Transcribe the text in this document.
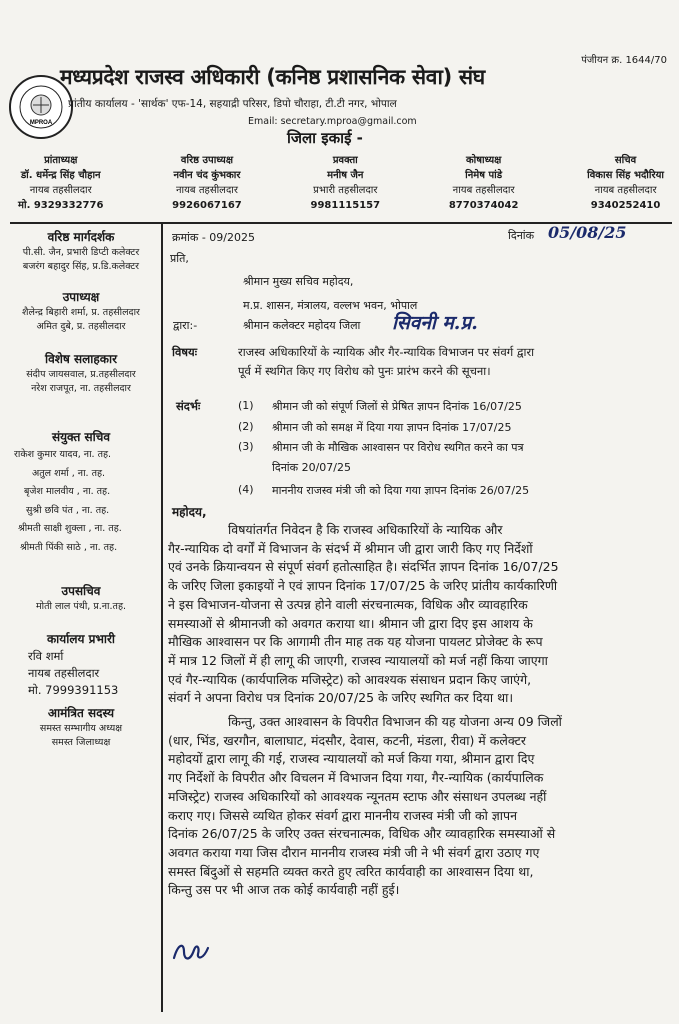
पंजीयन क्र. 1644/70
MPROA
मध्यप्रदेश राजस्व अधिकारी (कनिष्ठ प्रशासनिक सेवा) संघ
प्रांतीय कार्यालय - 'सार्थक' एफ-14, सहयाद्री परिसर, डिपो चौराहा, टी.टी नगर, भोपाल
Email: secretary.mproa@gmail.com
जिला इकाई -
प्रांताध्यक्ष
डॉ. धर्मेन्द्र सिंह चौहान
नायब तहसीलदार
मो. 9329332776
वरिष्ठ उपाध्यक्ष
नवीन चंद कुंभकार
नायब तहसीलदार
9926067167
प्रवक्ता
मनीष जैन
प्रभारी तहसीलदार
9981115157
कोषाध्यक्ष
निमेष पांडे
नायब तहसीलदार
8770374042
सचिव
विकास सिंह भदौरिया
नायब तहसीलदार
9340252410
वरिष्ठ मार्गदर्शक
पी.सी. जैन, प्रभारी डिप्टी कलेक्टर
बजरंग बहादुर सिंह, प्र.डि.कलेक्टर
उपाध्यक्ष
शैलेन्द्र बिहारी शर्मा, प्र. तहसीलदार
अमित दुबे, प्र. तहसीलदार
विशेष सलाहकार
संदीप जायसवाल, प्र.तहसीलदार
नरेश राजपूत, ना. तहसीलदार
संयुक्त सचिव
राकेश कुमार यादव, ना. तह.
अतुल शर्मा , ना. तह.
बृजेश मालवीय , ना. तह.
सुश्री छवि पंत , ना. तह.
श्रीमती साक्षी शुक्ला , ना. तह.
श्रीमती पिंकी साठे , ना. तह.
उपसचिव
मोती लाल पंथी, प्र.ना.तह.
कार्यालय प्रभारी
रवि शर्मा
नायब तहसीलदार
मो. 7999391153
आमंत्रित सदस्य
समस्त सम्भागीय अध्यक्ष
समस्त जिलाध्यक्ष
क्रमांक - 09/2025	दिनांक 05/08/25
प्रति,
श्रीमान मुख्य सचिव महोदय,
म.प्र. शासन, मंत्रालय, वल्लभ भवन, भोपाल
द्वारा:-	श्रीमान कलेक्टर महोदय जिला सिवनी म.प्र.
विषयः	राजस्व अधिकारियों के न्यायिक और गैर-न्यायिक विभाजन पर संवर्ग द्वारा
पूर्व में स्थगित किए गए विरोध को पुनः प्रारंभ करने की सूचना।
संदर्भः	(1) श्रीमान जी को संपूर्ण जिलों से प्रेषित ज्ञापन दिनांक 16/07/25
(2) श्रीमान जी को समक्ष में दिया गया ज्ञापन दिनांक 17/07/25
(3) श्रीमान जी के मौखिक आश्वासन पर विरोध स्थगित करने का पत्र
दिनांक 20/07/25
(4) माननीय राजस्व मंत्री जी को दिया गया ज्ञापन दिनांक 26/07/25
महोदय,
विषयांतर्गत निवेदन है कि राजस्व अधिकारियों के न्यायिक और
गैर-न्यायिक दो वर्गों में विभाजन के संदर्भ में श्रीमान जी द्वारा जारी किए गए निर्देशों
एवं उनके क्रियान्वयन से संपूर्ण संवर्ग हतोत्साहित है। संदर्भित ज्ञापन दिनांक 16/07/25
के जरिए जिला इकाइयों ने एवं ज्ञापन दिनांक 17/07/25 के जरिए प्रांतीय कार्यकारिणी
ने इस विभाजन-योजना से उत्पन्न होने वाली संरचनात्मक, विधिक और व्यावहारिक
समस्याओं से श्रीमानजी को अवगत कराया था। श्रीमान जी द्वारा दिए इस आशय के
मौखिक आश्वासन पर कि आगामी तीन माह तक यह योजना पायलट प्रोजेक्ट के रूप
में मात्र 12 जिलों में ही लागू की जाएगी, राजस्व न्यायालयों को मर्ज नहीं किया जाएगा
एवं गैर-न्यायिक (कार्यपालिक मजिस्ट्रेट) को आवश्यक संसाधन प्रदान किए जाएंगे,
संवर्ग ने अपना विरोध पत्र दिनांक 20/07/25 के जरिए स्थगित कर दिया था।
किन्तु, उक्त आश्वासन के विपरीत विभाजन की यह योजना अन्य 09 जिलों
(धार, भिंड, खरगौन, बालाघाट, मंदसौर, देवास, कटनी, मंडला, रीवा) में कलेक्टर
महोदयों द्वारा लागू की गई, राजस्व न्यायालयों को मर्ज किया गया, श्रीमान द्वारा दिए
गए निर्देशों के विपरीत और विचलन में विभाजन दिया गया, गैर-न्यायिक (कार्यपालिक
मजिस्ट्रेट) राजस्व अधिकारियों को आवश्यक न्यूनतम स्टाफ और संसाधन उपलब्ध नहीं
कराए गए। जिससे व्यथित होकर संवर्ग द्वारा माननीय राजस्व मंत्री जी को ज्ञापन
दिनांक 26/07/25 के जरिए उक्त संरचनात्मक, विधिक और व्यावहारिक समस्याओं से
अवगत कराया गया जिस दौरान माननीय राजस्व मंत्री जी ने भी संवर्ग द्वारा उठाए गए
समस्त बिंदुओं से सहमति व्यक्त करते हुए त्वरित कार्यवाही का आश्वासन दिया था,
किन्तु उस पर भी आज तक कोई कार्यवाही नहीं हुई।
